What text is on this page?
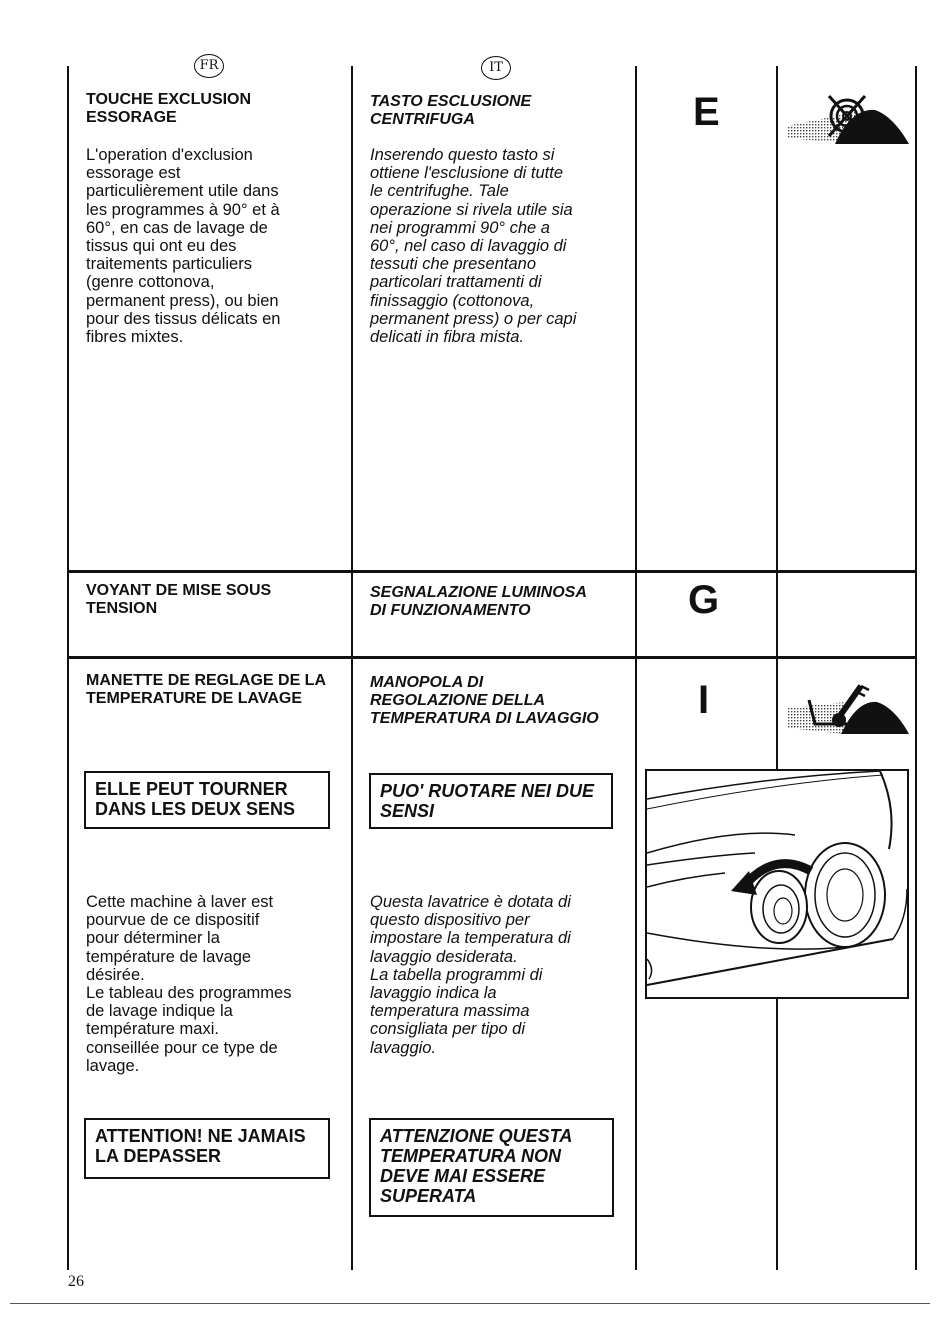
FR	IT
TOUCHE EXCLUSION
ESSORAGE
TASTO ESCLUSIONE
CENTRIFUGA
L'operation d'exclusion
essorage est
particulièrement utile dans
les programmes à 90° et à
60°, en cas de lavage de
tissus qui ont eu des
traitements particuliers
(genre cottonova,
permanent press), ou bien
pour des tissus délicats en
fibres mixtes.
Inserendo questo tasto si
ottiene l'esclusione di tutte
le centrifughe. Tale
operazione si rivela utile sia
nei programmi 90° che a
60°, nel caso di lavaggio di
tessuti che presentano
particolari trattamenti di
finissaggio (cottonova,
permanent press) o per capi
delicati in fibra mista.
E
VOYANT DE MISE SOUS
TENSION
SEGNALAZIONE LUMINOSA
DI FUNZIONAMENTO	G
MANETTE DE REGLAGE DE LA
TEMPERATURE DE LAVAGE
MANOPOLA DI
REGOLAZIONE DELLA
TEMPERATURA DI LAVAGGIO I
ELLE PEUT TOURNER
DANS LES DEUX SENS
PUO' RUOTARE NEI DUE
SENSI
Cette machine à laver est
pourvue de ce dispositif
pour déterminer la
température de lavage
désirée.
Le tableau des programmes
de lavage indique la
température maxi.
conseillée pour ce type de
lavage.
Questa lavatrice è dotata di
questo dispositivo per
impostare la temperatura di
lavaggio desiderata.
La tabella programmi di
lavaggio indica la
temperatura massima
consigliata per tipo di
lavaggio.
ATTENTION! NE JAMAIS
LA DEPASSER
ATTENZIONE QUESTA
TEMPERATURA NON
DEVE MAI ESSERE
SUPERATA
26
